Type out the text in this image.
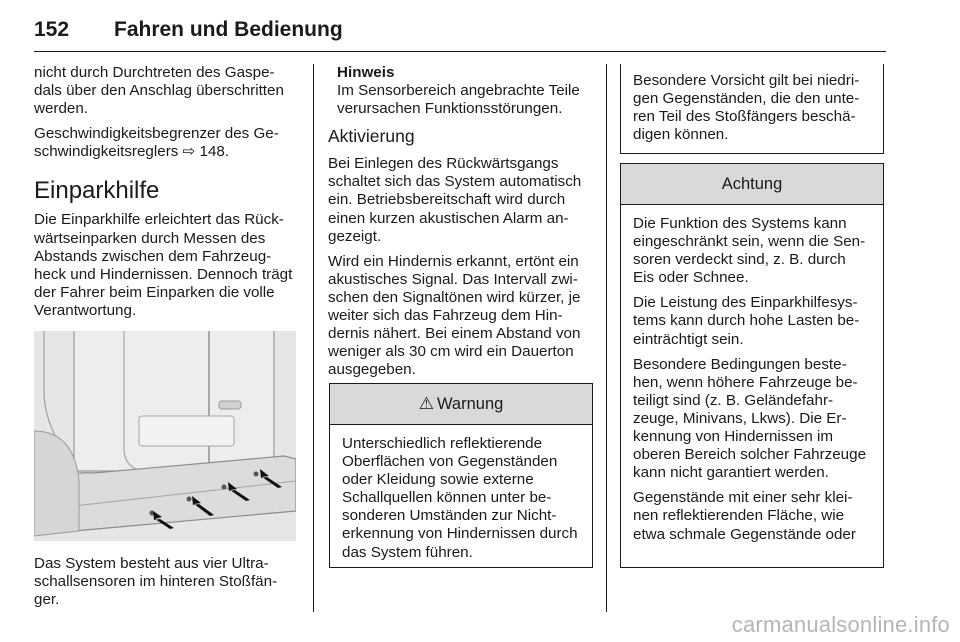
152 Fahren und Bedienung

nicht durch Durchtreten des Gaspedals über den Anschlag überschritten werden.

Geschwindigkeitsbegrenzer des Geschwindigkeitsreglers ⇨ 148.

Einparkhilfe

Die Einparkhilfe erleichtert das Rückwärtseinparken durch Messen des Abstands zwischen dem Fahrzeugheck und Hindernissen. Dennoch trägt der Fahrer beim Einparken die volle Verantwortung.

Das System besteht aus vier Ultraschallsensoren im hinteren Stoßfänger.

Hinweis
Im Sensorbereich angebrachte Teile verursachen Funktionsstörungen.
Aktivierung

Bei Einlegen des Rückwärtsgangs schaltet sich das System automatisch ein. Betriebsbereitschaft wird durch einen kurzen akustischen Alarm angezeigt.

Wird ein Hindernis erkannt, ertönt ein akustisches Signal. Das Intervall zwischen den Signaltönen wird kürzer, je weiter sich das Fahrzeug dem Hindernis nähert. Bei einem Abstand von weniger als 30 cm wird ein Dauerton ausgegeben.

⚠ Warnung

Unterschiedlich reflektierende Oberflächen von Gegenständen oder Kleidung sowie externe Schallquellen können unter besonderen Umständen zur Nichterkennung von Hindernissen durch das System führen.

Besondere Vorsicht gilt bei niedrigen Gegenständen, die den unteren Teil des Stoßfängers beschädigen können.

Achtung

Die Funktion des Systems kann eingeschränkt sein, wenn die Sensoren verdeckt sind, z. B. durch Eis oder Schnee.

Die Leistung des Einparkhilfesystems kann durch hohe Lasten beeinträchtigt sein.

Besondere Bedingungen bestehen, wenn höhere Fahrzeuge beteiligt sind (z. B. Geländefahrzeuge, Minivans, Lkws). Die Erkennung von Hindernissen im oberen Bereich solcher Fahrzeuge kann nicht garantiert werden.

Gegenstände mit einer sehr kleinen reflektierenden Fläche, wie etwa schmale Gegenstände oder

carmanualsonline.info
